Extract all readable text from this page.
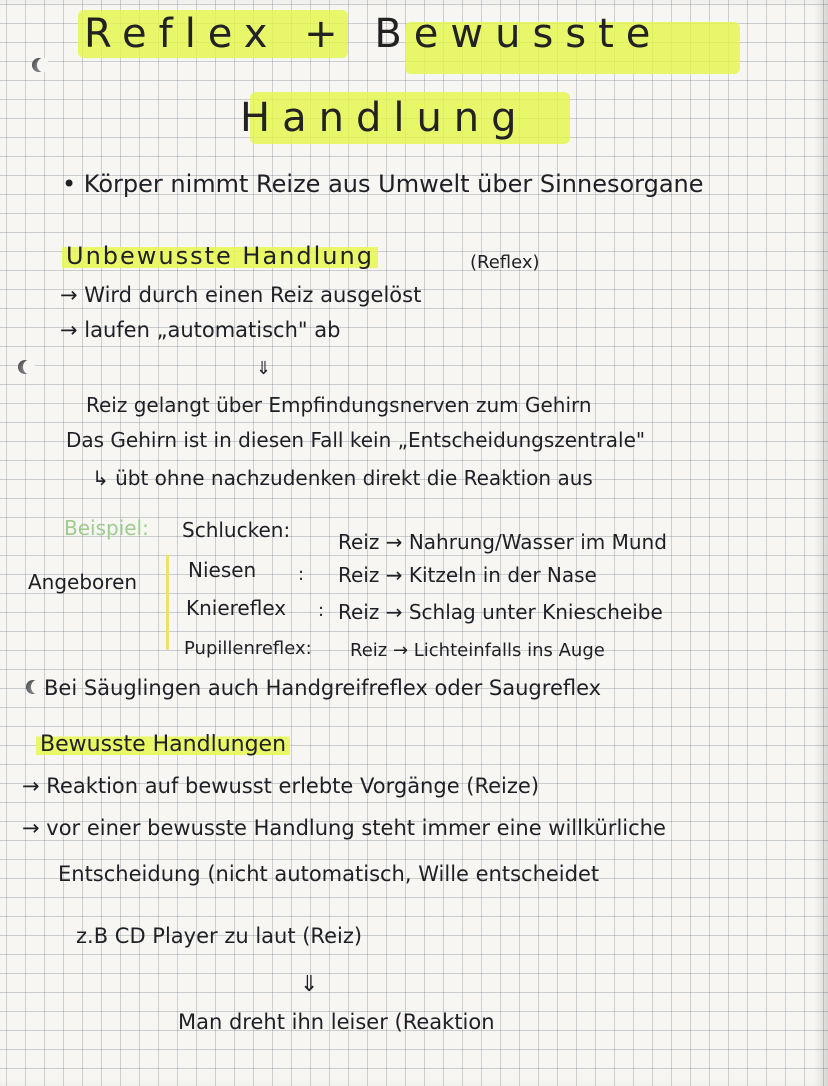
Reflex + Bewusste
Handlung
• Körper nimmt Reize aus Umwelt über Sinnesorgane
Unbewusste Handlung	(Reflex)
→ Wird durch einen Reiz ausgelöst
→ laufen „automatisch" ab
⇓
Reiz gelangt über Empfindungsnerven zum Gehirn
Das Gehirn ist in diesen Fall kein „Entscheidungszentrale"
↳ übt ohne nachzudenken direkt die Reaktion aus
Beispiel:
Angeboren
Schlucken: Reiz → Nahrung/Wasser im Mund
Niesen : Reiz → Kitzeln in der Nase
Kniereflex : Reiz → Schlag unter Kniescheibe
Pupillenreflex: Reiz → Lichteinfalls ins Auge
Bei Säuglingen auch Handgreifreflex oder Saugreflex
Bewusste Handlungen
→ Reaktion auf bewusst erlebte Vorgänge (Reize)
→ vor einer bewusste Handlung steht immer eine willkürliche
Entscheidung (nicht automatisch, Wille entscheidet
z.B CD Player zu laut (Reiz)
⇓
Man dreht ihn leiser (Reaktion
